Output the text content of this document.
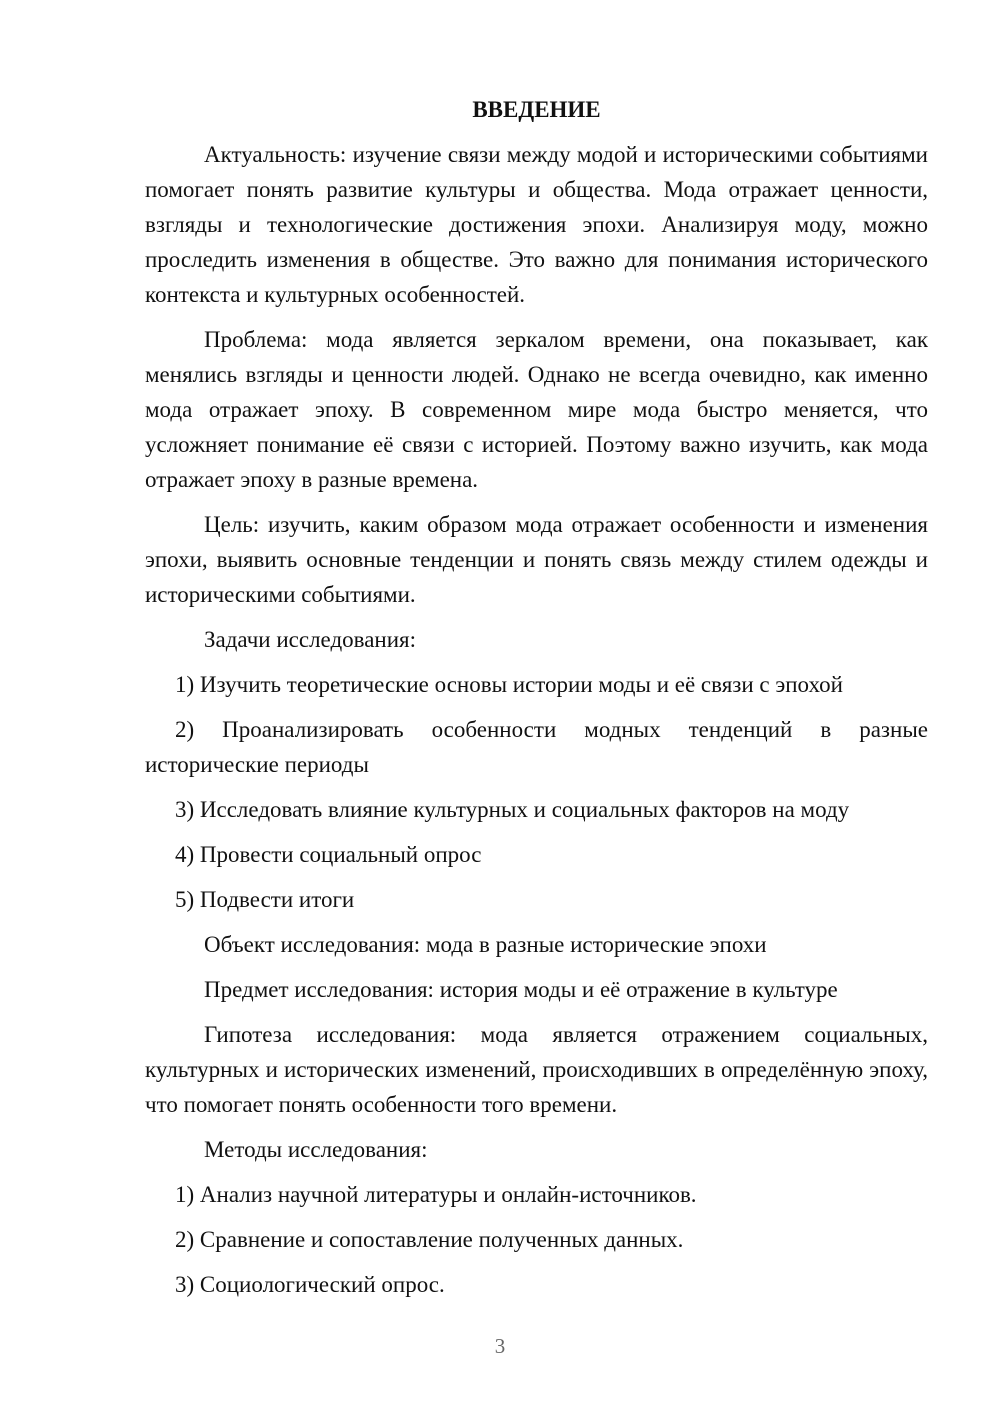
ВВЕДЕНИЕ

Актуальность: изучение связи между модой и историческими событиями помогает понять развитие культуры и общества. Мода отражает ценности, взгляды и технологические достижения эпохи. Анализируя моду, можно проследить изменения в обществе. Это важно для понимания исторического контекста и культурных особенностей.

Проблема: мода является зеркалом времени, она показывает, как менялись взгляды и ценности людей. Однако не всегда очевидно, как именно мода отражает эпоху. В современном мире мода быстро меняется, что усложняет понимание её связи с историей. Поэтому важно изучить, как мода отражает эпоху в разные времена.

Цель: изучить, каким образом мода отражает особенности и изменения эпохи, выявить основные тенденции и понять связь между стилем одежды и историческими событиями.

Задачи исследования:

1) Изучить теоретические основы истории моды и её связи с эпохой

2) Проанализировать особенности модных тенденций в разные исторические периоды

3) Исследовать влияние культурных и социальных факторов на моду

4) Провести социальный опрос

5) Подвести итоги

Объект исследования: мода в разные исторические эпохи

Предмет исследования: история моды и её отражение в культуре

Гипотеза исследования: мода является отражением социальных, культурных и исторических изменений, происходивших в определённую эпоху, что помогает понять особенности того времени.

Методы исследования:

1) Анализ научной литературы и онлайн-источников.

2) Сравнение и сопоставление полученных данных.

3) Социологический опрос.

3
